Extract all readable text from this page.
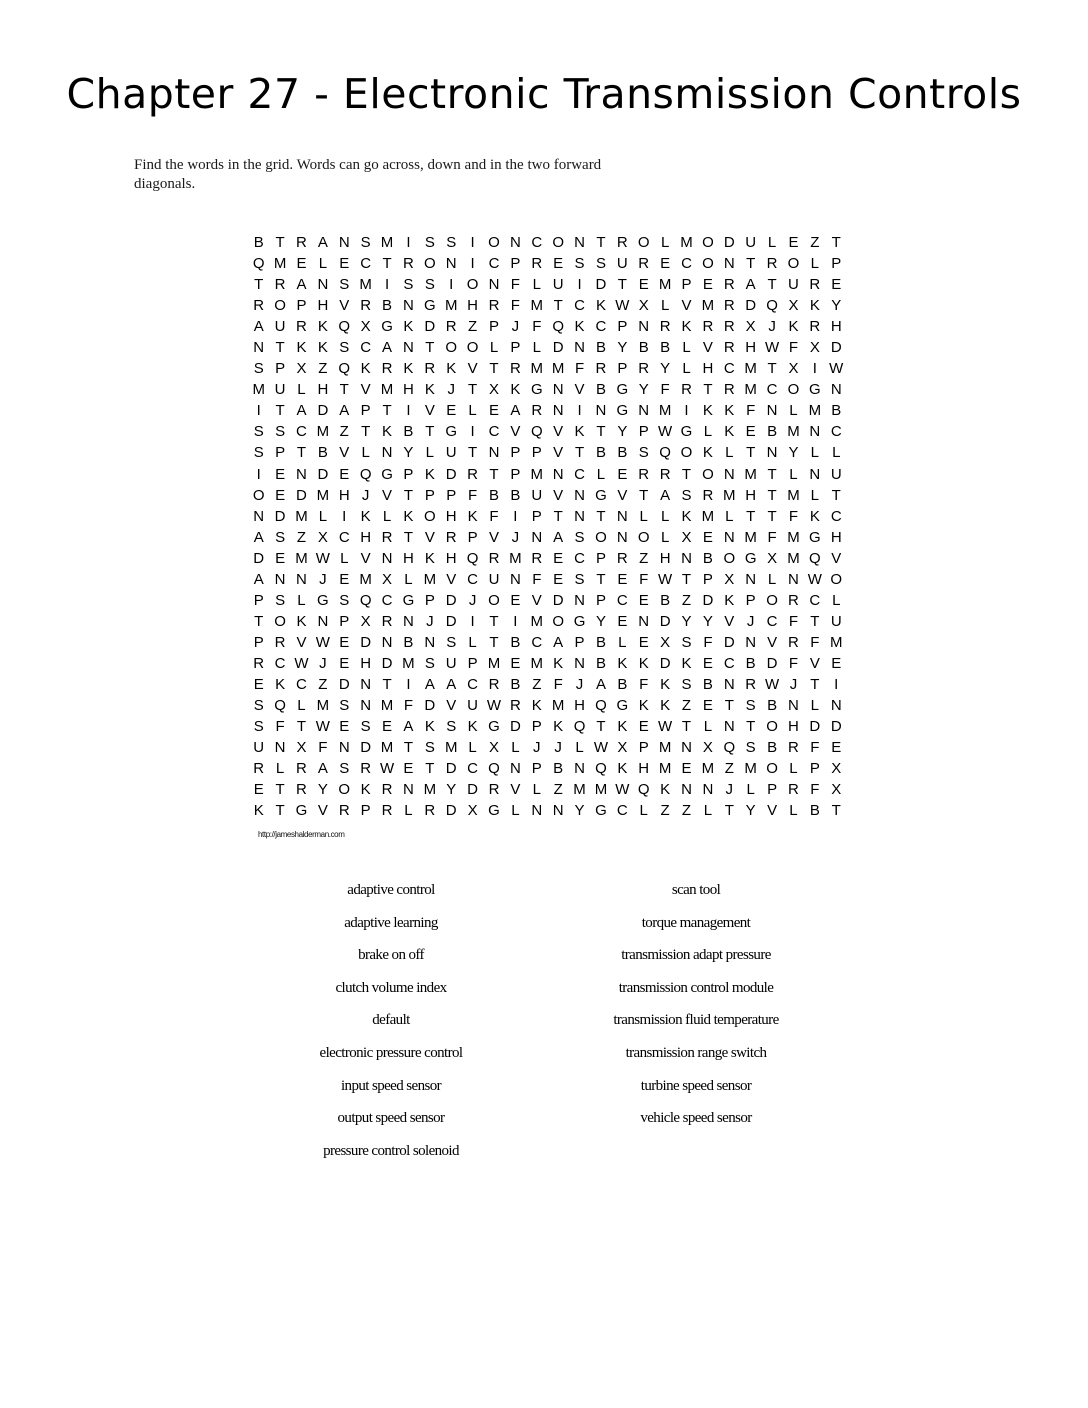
Chapter 27 - Electronic Transmission Controls
Find the words in the grid. Words can go across, down and in the two forward diagonals.
B T R A N S M I S S I O N C O N T R O L M O D U L E Z T
Q M E L E C T R O N I C P R E S S U R E C O N T R O L P
T R A N S M I S S I O N F L U I D T E M P E R A T U R E
R O P H V R B N G M H R F M T C K W X L V M R D Q X K Y
A U R K Q X G K D R Z P J F Q K C P N R K R R X J K R H
N T K K S C A N T O O L P L D N B Y B B L V R H W F X D
S P X Z Q K R K R K V T R M M F R P R Y L H C M T X I W
M U L H T V M H K J T X K G N V B G Y F R T R M C O G N
I T A D A P T I V E L E A R N I N G N M I K K F N L M B
S S C M Z T K B T G I C V Q V K T Y P W G L K E B M N C
S P T B V L N Y L U T N P P V T B B S Q O K L T N Y L L
I E N D E Q G P K D R T P M N C L E R R T O N M T L N U
O E D M H J V T P P F B B U V N G V T A S R M H T M L T
N D M L	I K L K O H K F I P T N T N L L K M L T T F K C
A S Z X C H R T V R P V J N A S O N O L X E N M F M G H
D E M W L V N H K H Q R M R E C P R Z H N B O G X M Q V
A N N J E M X L M V C U N F E S T E F W T P X N L N W O
P S L G S Q C G P D J O E V D N P C E B Z D K P O R C L
T O K N P X R N J D I T I M O G Y E N D Y Y V J C F T U
P R V W E D N B N S L T B C A P B L E X S F D N V R F M
R C W J E H D M S U P M E M K N B K K D K E C B D F V E
E K C Z D N T I A A C R B Z F J A B F K S B N R W J T I
S Q L M S N M F D V U W R K M H Q G K K Z E T S B N L N
S F T W E S E A K S K G D P K Q T K E W T L N T O H D D
U N X F N D M T S M L X L J J L W X P M N X Q S B R F E
R L R A S R W E T D C Q N P B N Q K H M E M Z M O L P X
E T R Y O K R N M Y D R V L Z M M W Q K N N J L P R F X
K T G V R P R L R D X G L N N Y G C L Z Z L T Y V L B T
http://jameshalderman.com
adaptive control
adaptive learning
brake on off
clutch volume index
default
electronic pressure control
input speed sensor
output speed sensor
pressure control solenoid
scan tool
torque management
transmission adapt pressure
transmission control module
transmission fluid temperature
transmission range switch
turbine speed sensor
vehicle speed sensor
